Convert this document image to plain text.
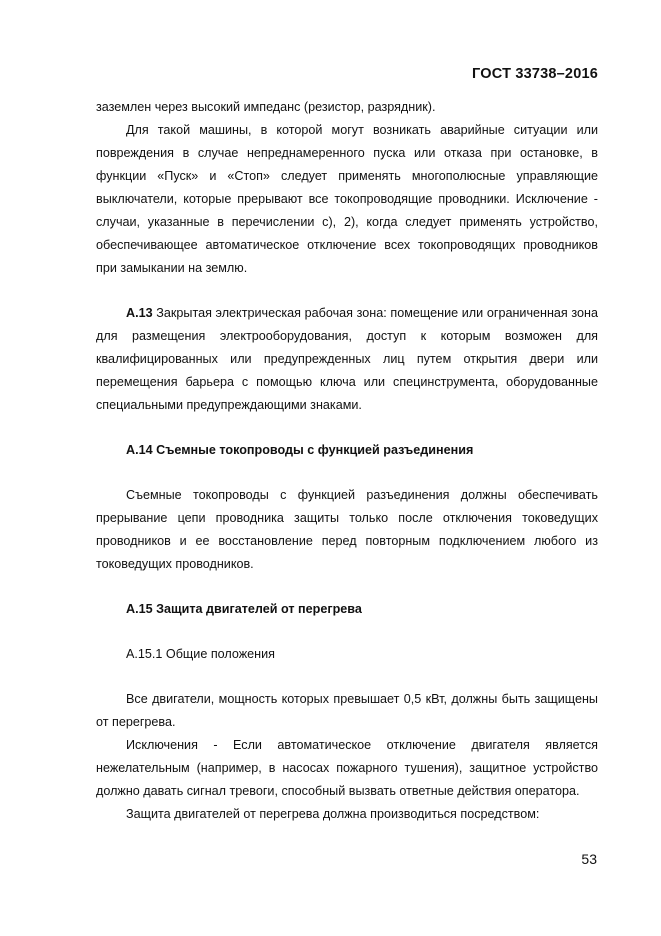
ГОСТ 33738–2016

заземлен через высокий импеданс (резистор, разрядник).

Для такой машины, в которой могут возникать аварийные ситуации или повреждения в случае непреднамеренного пуска или отказа при остановке, в функции «Пуск» и «Стоп» следует применять многополюсные управляющие выключатели, которые прерывают все токопроводящие проводники. Исключение - случаи, указанные в перечислении с), 2), когда следует применять устройство, обеспечивающее автоматическое отключение всех токопроводящих проводников при замыкании на землю.

А.13 Закрытая электрическая рабочая зона: помещение или ограниченная зона для размещения электрооборудования, доступ к которым возможен для квалифицированных или предупрежденных лиц путем открытия двери или перемещения барьера с помощью ключа или специнструмента, оборудованные специальными предупреждающими знаками.

А.14 Съемные токопроводы с функцией разъединения

Съемные токопроводы с функцией разъединения должны обеспечивать прерывание цепи проводника защиты только после отключения токоведущих проводников и ее восстановление перед повторным подключением любого из токоведущих проводников.

А.15 Защита двигателей от перегрева

А.15.1 Общие положения

Все двигатели, мощность которых превышает 0,5 кВт, должны быть защищены от перегрева.

Исключения - Если автоматическое отключение двигателя является нежелательным (например, в насосах пожарного тушения), защитное устройство должно давать сигнал тревоги, способный вызвать ответные действия оператора.

Защита двигателей от перегрева должна производиться посредством:

53
